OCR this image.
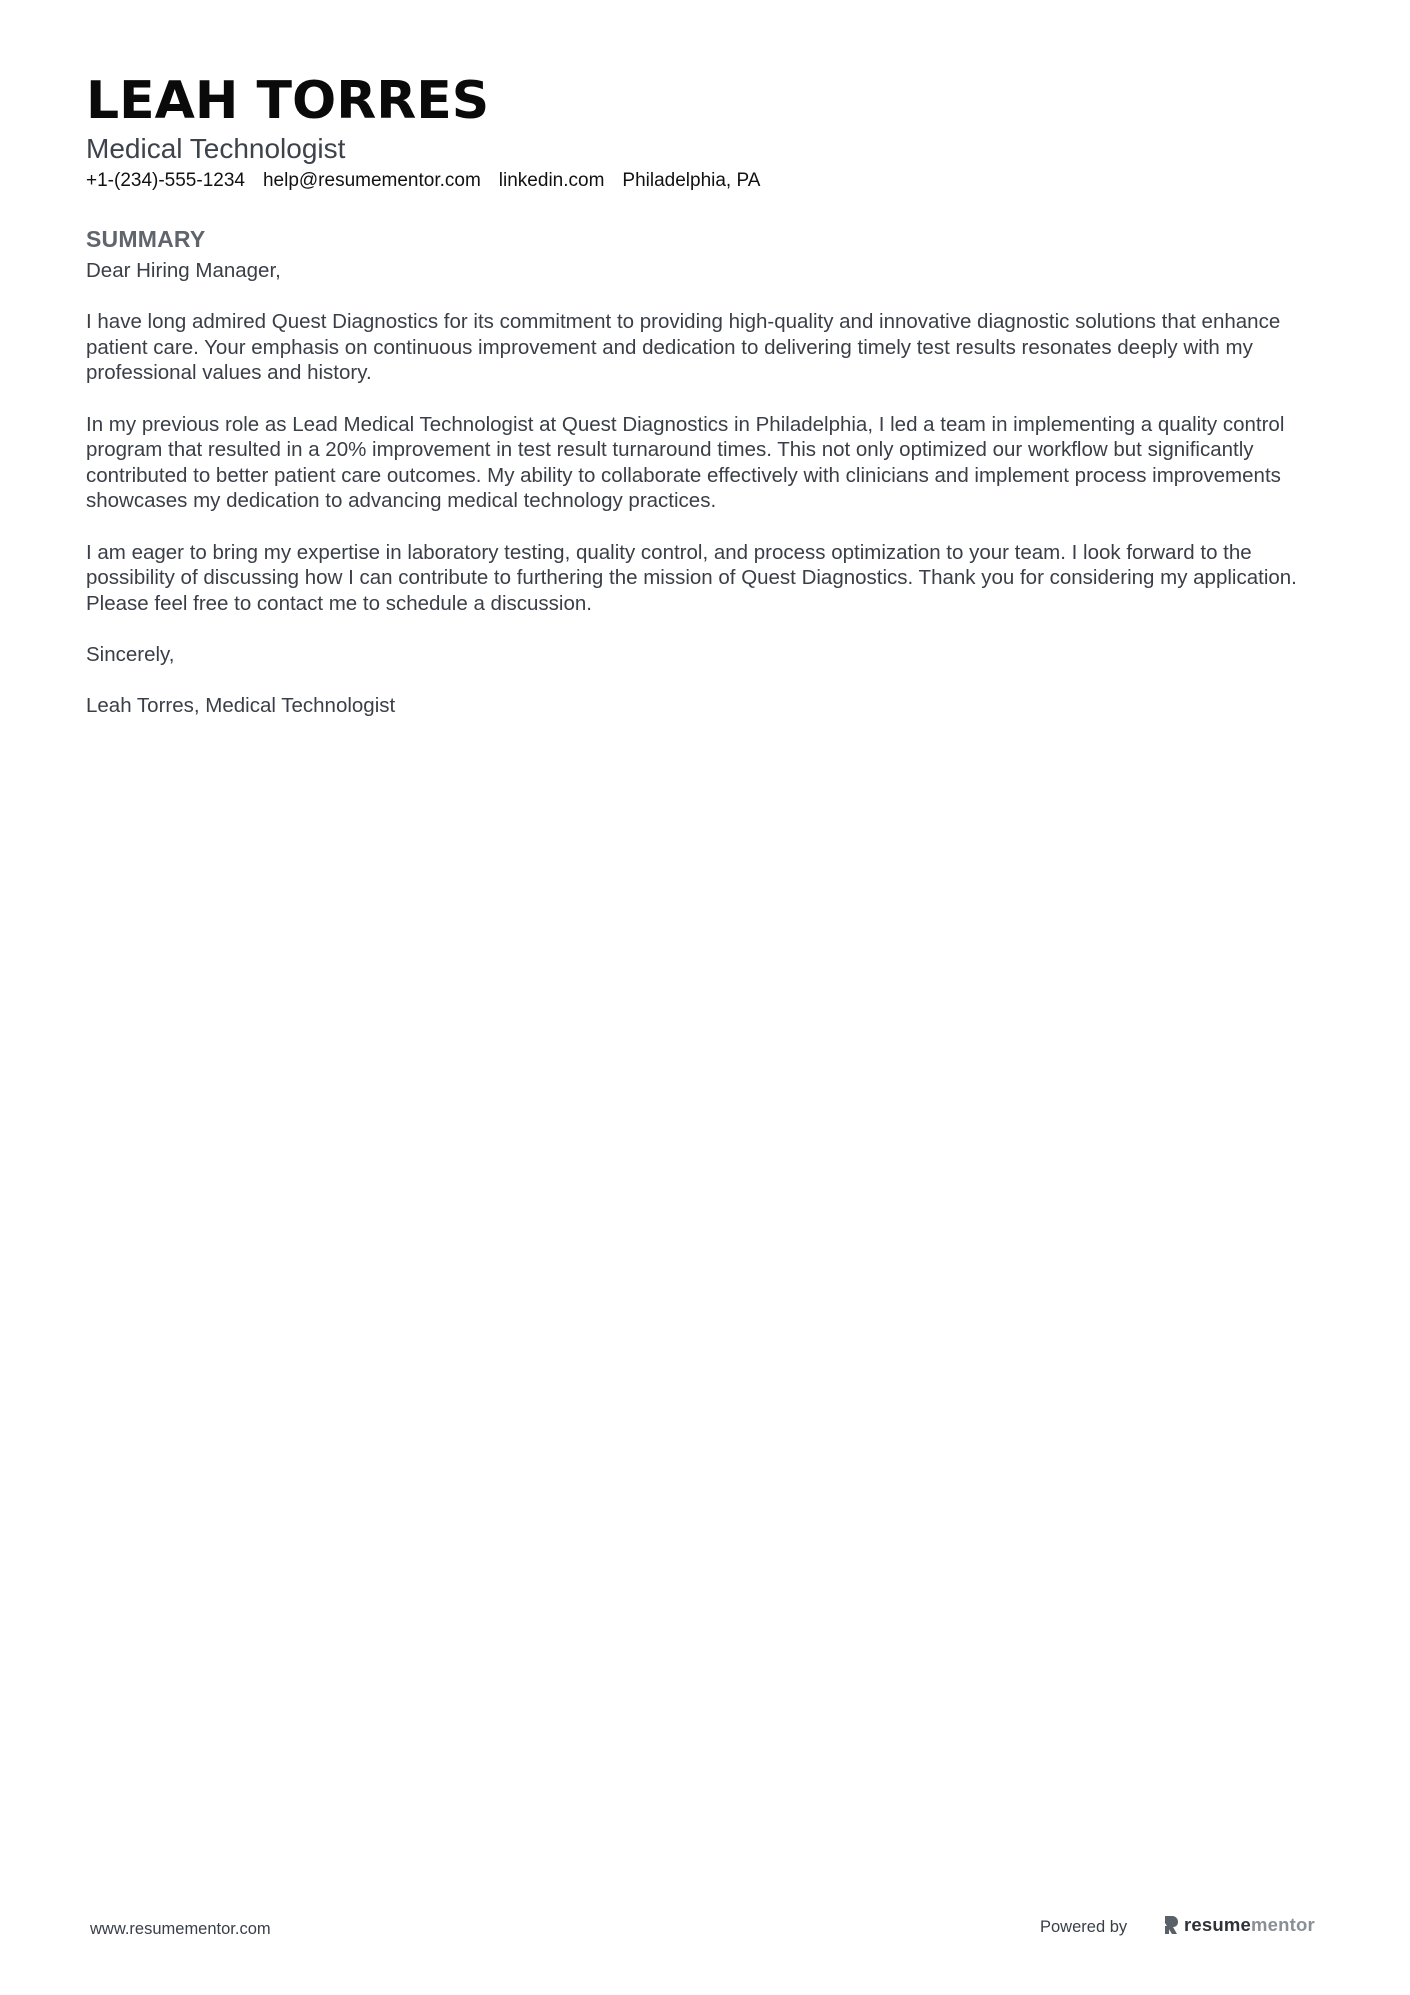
LEAH TORRES
Medical Technologist
+1-(234)-555-1234 help@resumementor.com linkedin.com Philadelphia, PA
SUMMARY

Dear Hiring Manager,

I have long admired Quest Diagnostics for its commitment to providing high-quality and innovative diagnostic solutions that enhance patient care. Your emphasis on continuous improvement and dedication to delivering timely test results resonates deeply with my professional values and history.

In my previous role as Lead Medical Technologist at Quest Diagnostics in Philadelphia, I led a team in implementing a quality control program that resulted in a 20% improvement in test result turnaround times. This not only optimized our workflow but significantly contributed to better patient care outcomes. My ability to collaborate effectively with clinicians and implement process improvements showcases my dedication to advancing medical technology practices.

I am eager to bring my expertise in laboratory testing, quality control, and process optimization to your team. I look forward to the possibility of discussing how I can contribute to furthering the mission of Quest Diagnostics. Thank you for considering my application. Please feel free to contact me to schedule a discussion.

Sincerely,

Leah Torres, Medical Technologist

www.resumementor.com	Powered by	resumementor
